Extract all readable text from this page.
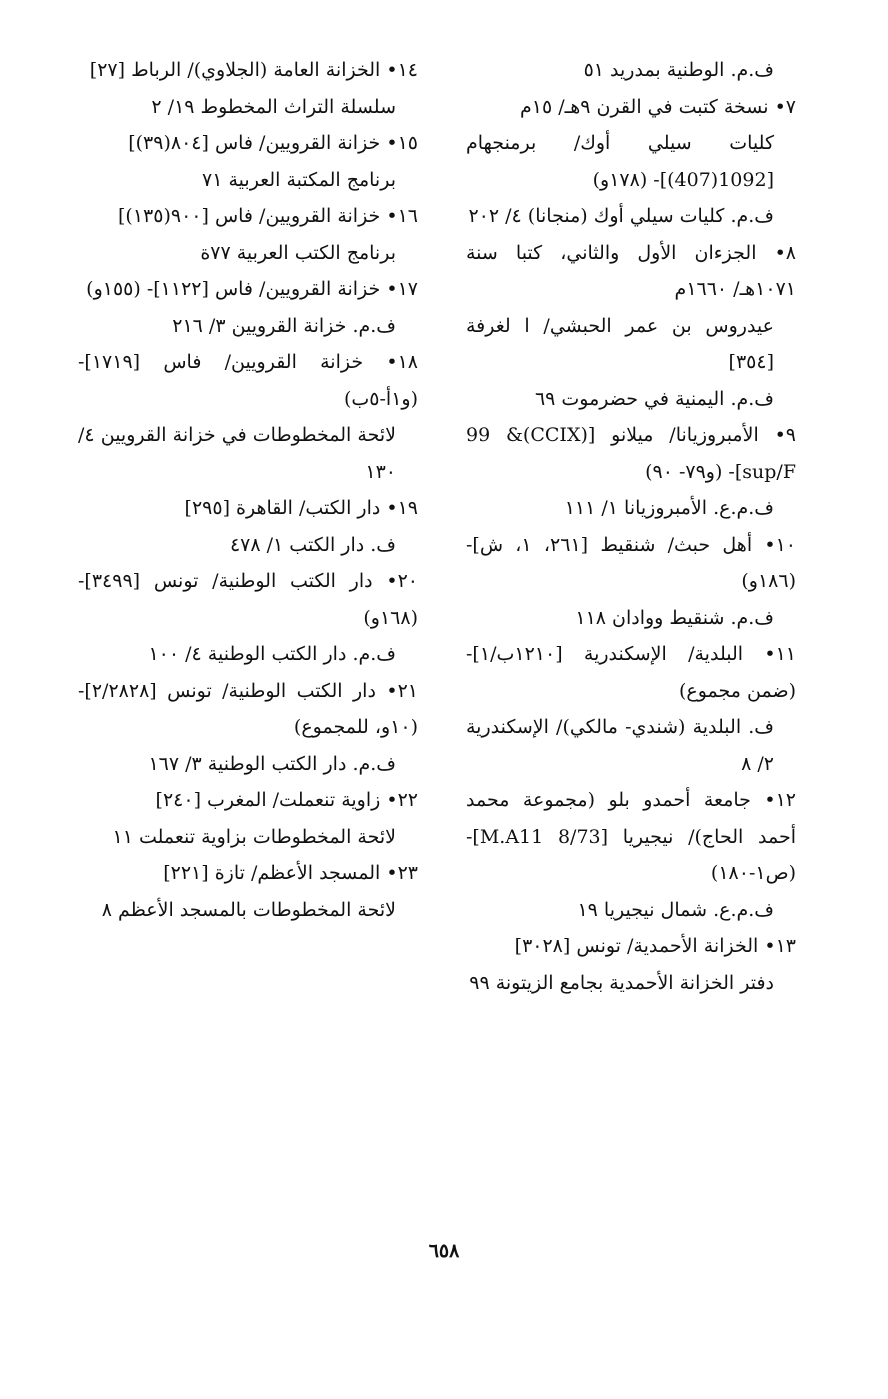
ف.م. الوطنية بمدريد ٥١
٧• نسخة كتبت في القرن ٩هـ/ ١٥م
كليات سيلي أوك/ برمنجهام [1092(407)]- (١٧٨و)
ف.م. كليات سيلي أوك (منجانا) ٤/ ٢٠٢
٨• الجزءان الأول والثاني، كتبا سنة ١٠٧١هـ/ ١٦٦٠م
عيدروس بن عمر الحبشي/ ا لغرفة [٣٥٤]
ف.م. اليمنية في حضرموت ٦٩
٩• الأمبروزيانا/ ميلانو [(CCIX)& 99 sup/F]- (و٧٩- ٩٠)
ف.م.ع. الأمبروزيانا ١/ ١١١
١٠• أهل حبث/ شنقيط [٢٦١، ١، ش]- (١٨٦و)
ف.م. شنقيط ووادان ١١٨
١١• البلدية/ الإسكندرية [١٢١٠ب/١]- (ضمن مجموع)
ف. البلدية (شندي- مالكي)/ الإسكندرية ٢/ ٨
١٢• جامعة أحمدو بلو (مجموعة محمد أحمد الحاج)/ نيجيريا [M.A11 8/73]- (ص١-١٨٠)
ف.م.ع. شمال نيجيريا ١٩
١٣• الخزانة الأحمدية/ تونس [٣٠٢٨]
دفتر الخزانة الأحمدية بجامع الزيتونة ٩٩
١٤• الخزانة العامة (الجلاوي)/ الرباط [٢٧]
سلسلة التراث المخطوط ١٩/ ٢
١٥• خزانة القرويين/ فاس [٨٠٤(٣٩)]
برنامج المكتبة العربية ٧١
١٦• خزانة القرويين/ فاس [٩٠٠(١٣٥)]
برنامج الكتب العربية ٧٧ة
١٧• خزانة القرويين/ فاس [١١٢٢]- (١٥٥و)
ف.م. خزانة القرويين ٣/ ٢١٦
١٨• خزانة القرويين/ فاس [١٧١٩]- (و١أ-٥ب)
لائحة المخطوطات في خزانة القرويين ٤/ ١٣٠
١٩• دار الكتب/ القاهرة [٢٩٥]
ف. دار الكتب ١/ ٤٧٨
٢٠• دار الكتب الوطنية/ تونس [٣٤٩٩]- (١٦٨و)
ف.م. دار الكتب الوطنية ٤/ ١٠٠
٢١• دار الكتب الوطنية/ تونس [٢/٢٨٢٨]- (١٠و، للمجموع)
ف.م. دار الكتب الوطنية ٣/ ١٦٧
٢٢• زاوية تنعملت/ المغرب [٢٤٠]
لائحة المخطوطات بزاوية تنعملت ١١
٢٣• المسجد الأعظم/ تازة [٢٢١]
لائحة المخطوطات بالمسجد الأعظم ٨
٦٥٨
